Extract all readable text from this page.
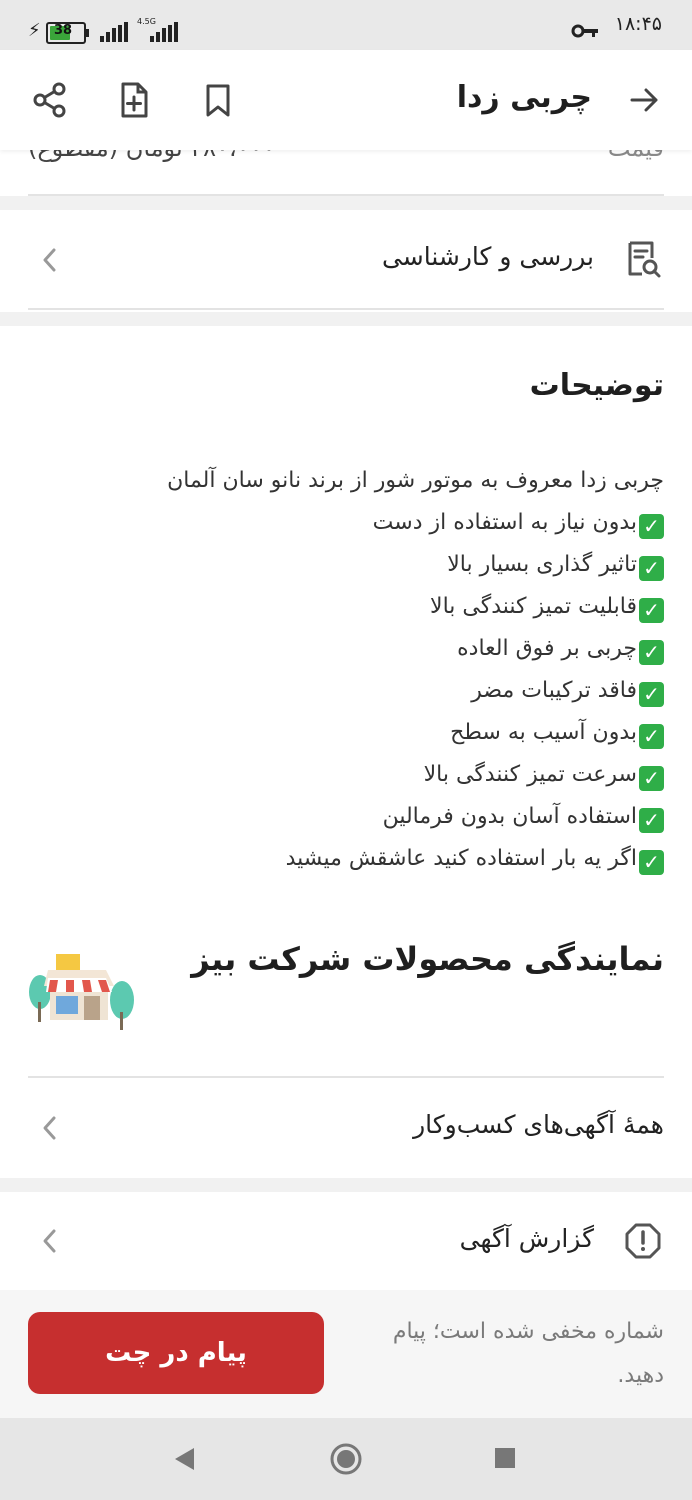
⚡ 38
4.5G	۱۸:۴۵
چربی زدا
بررسی و کارشناسی
توضیحات
چربی زدا معروف به موتور شور از برند نانو سان آلمان
✓بدون نیاز به استفاده از دست
✓تاثیر گذاری بسیار بالا
✓قابلیت تمیز کنندگی بالا
✓چربی بر فوق العاده
✓فاقد ترکیبات مضر
✓بدون آسیب به سطح
✓سرعت تمیز کنندگی بالا
✓استفاده آسان بدون فرمالین
✓اگر یه بار استفاده کنید عاشقش میشید
نمایندگی محصولات شرکت بیز
همهٔ آگهی‌های کسب‌وکار
گزارش آگهی
شماره مخفی شده است؛ پیام دهید.
پیام در چت
